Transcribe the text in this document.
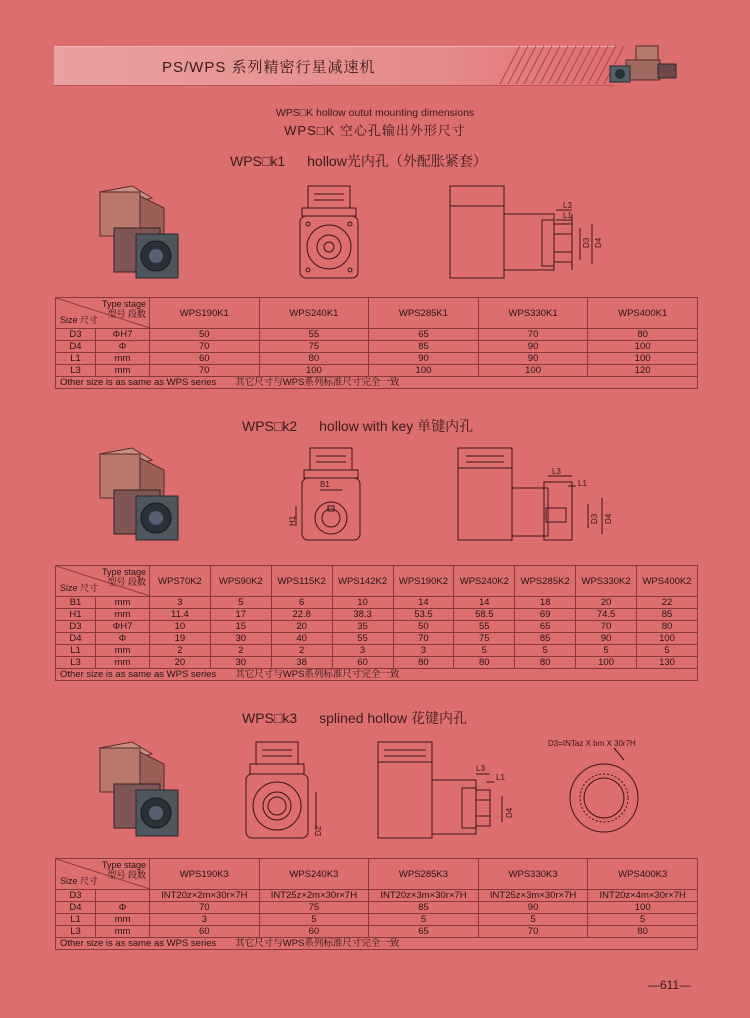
PS/WPS 系列精密行星减速机
WPS□K hollow outut mounting dimensions
WPS□K 空心孔输出外形尺寸
WPS□k1 hollow光内孔（外配胀紧套）
L3
L1
D3 D4
Type stage
型号 段数
Size 尺寸		WPS190K1	WPS240K1	WPS285K1	WPS330K1	WPS400K1
D3	ΦH7	50	55	65	70	80
D4	Φ	70	75	85	90	100
L1	mm	60	80	90	90	100
L3	mm	70	100	100	100	120
Other size is as same as WPS series　　其它尺寸与WPS系列标准尺寸完全一致						
WPS□k2 hollow with key 单键内孔
B1
H1
L3
L1
D3 D4
Type stage
型号 段数
Size 尺寸		WPS70K2	WPS90K2	WPS115K2	WPS142K2	WPS190K2	WPS240K2	WPS285K2	WPS330K2	WPS400K2
B1	mm	3	5	6	10	14	14	18	20	22
H1	mm	11.4	17	22.8	38.3	53.5	58.5	69	74.5	85
D3	ΦH7	10	15	20	35	50	55	65	70	80
D4	Φ	19	30	40	55	70	75	85	90	100
L1	mm	2	2	2	3	3	5	5	5	5
L3	mm	20	30	38	60	80	80	80	100	130
Other size is as same as WPS series　　其它尺寸与WPS系列标准尺寸完全一致										
WPS□k3 splined hollow 花键内孔
D2
L3
L1
D4
D3=INTaz X bm X 30r7H
Type stage
型号 段数
Size 尺寸		WPS190K3	WPS240K3	WPS285K3	WPS330K3	WPS400K3
D3		INT20z×2m×30r×7H	INT25z×2m×30r×7H	INT20z×3m×30r×7H	INT25z×3m×30r×7H	INT20z×4m×30r×7H
D4	Φ	70	75	85	90	100
L1	mm	3	5	5	5	5
L3	mm	60	60	65	70	80
Other size is as same as WPS series　　其它尺寸与WPS系列标准尺寸完全一致						
—611—
